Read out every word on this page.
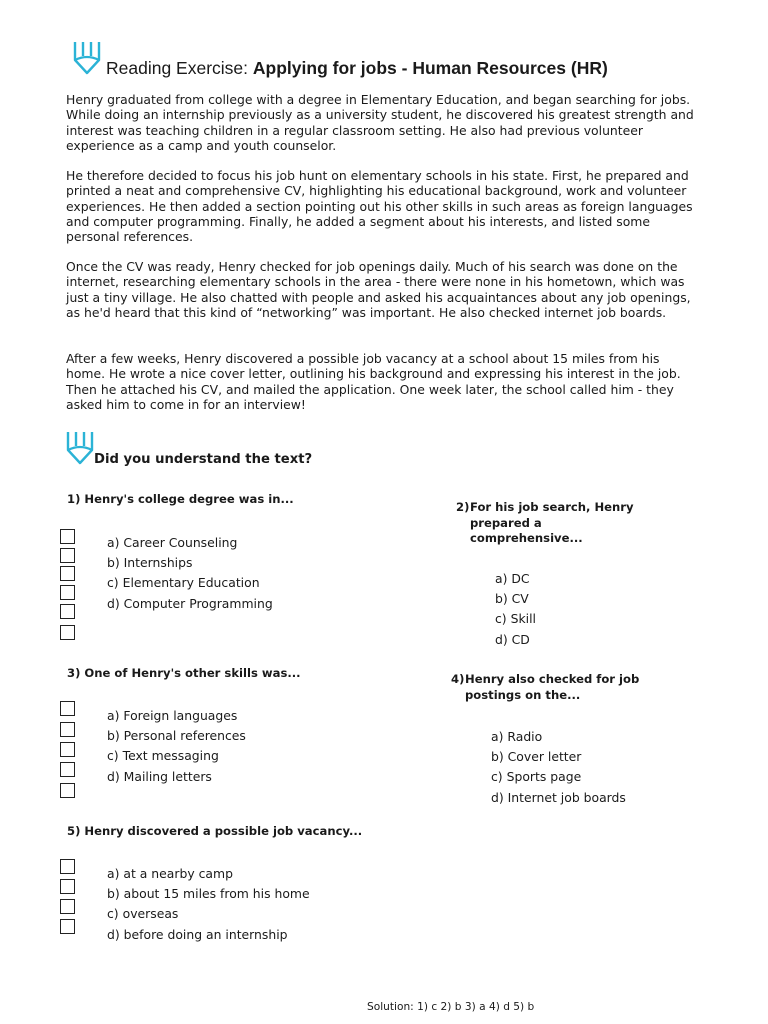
Reading Exercise: Applying for jobs - Human Resources (HR)

Henry graduated from college with a degree in Elementary Education, and began searching for jobs. While doing an internship previously as a university student, he discovered his greatest strength and interest was teaching children in a regular classroom setting. He also had previous volunteer experience as a camp and youth counselor.

He therefore decided to focus his job hunt on elementary schools in his state. First, he prepared and printed a neat and comprehensive CV, highlighting his educational background, work and volunteer experiences. He then added a section pointing out his other skills in such areas as foreign languages and computer programming. Finally, he added a segment about his interests, and listed some personal references.

Once the CV was ready, Henry checked for job openings daily. Much of his search was done on the internet, researching elementary schools in the area - there were none in his hometown, which was just a tiny village. He also chatted with people and asked his acquaintances about any job openings, as he'd heard that this kind of “networking” was important. He also checked internet job boards.

After a few weeks, Henry discovered a possible job vacancy at a school about 15 miles from his home. He wrote a nice cover letter, outlining his background and expressing his interest in the job. Then he attached his CV, and mailed the application. One week later, the school called him - they asked him to come in for an interview!

Did you understand the text?
1) Henry's college degree was in...
a) Career Counseling
b) Internships
c) Elementary Education
d) Computer Programming
2) For his job search, Henry prepared a comprehensive...
a) DC
b) CV
c) Skill
d) CD
3) One of Henry's other skills was...
a) Foreign languages
b) Personal references
c) Text messaging
d) Mailing letters
4) Henry also checked for job postings on the...
a) Radio
b) Cover letter
c) Sports page
d) Internet job boards
5) Henry discovered a possible job vacancy...
a) at a nearby camp
b) about 15 miles from his home
c) overseas
d) before doing an internship
Solution: 1) c 2) b 3) a 4) d 5) b
